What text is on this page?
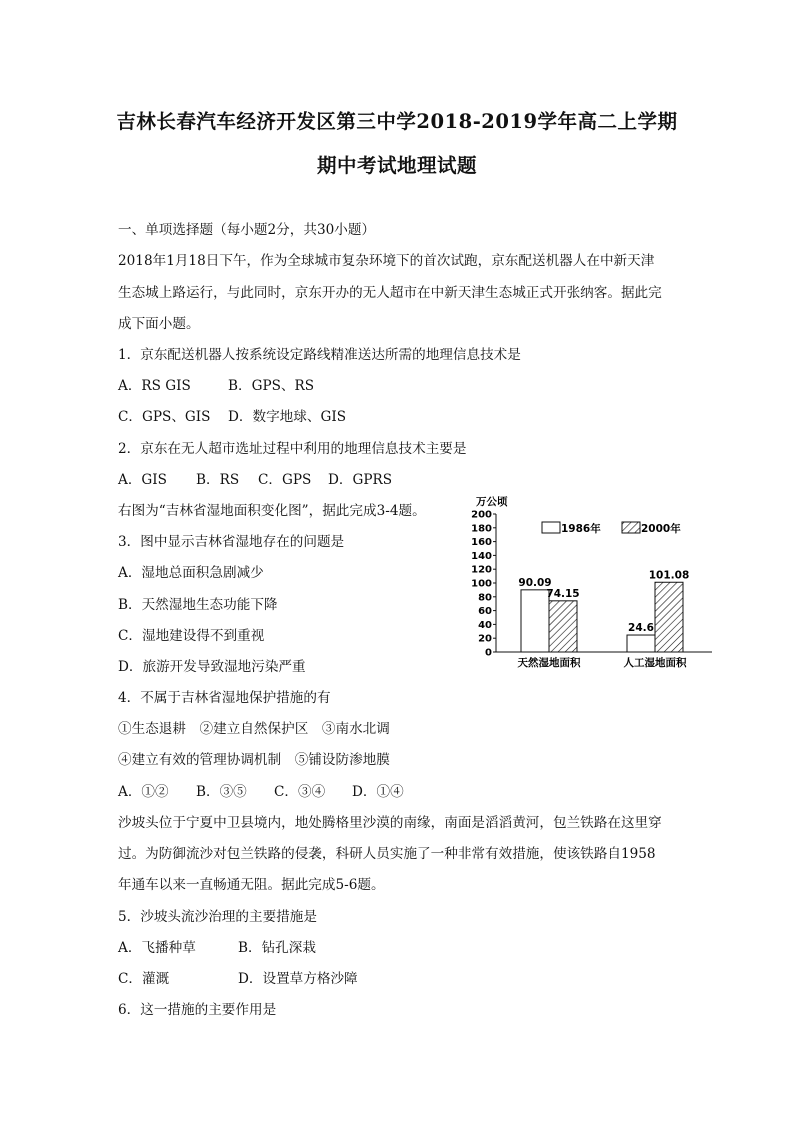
吉林长春汽车经济开发区第三中学2018-2019学年高二上学期
期中考试地理试题
一、单项选择题（每小题2分，共30小题）
2018年1月18日下午，作为全球城市复杂环境下的首次试跑，京东配送机器人在中新天津
生态城上路运行，与此同时，京东开办的无人超市在中新天津生态城正式开张纳客。据此完
成下面小题。
1．京东配送机器人按系统设定路线精准送达所需的地理信息技术是
A．RS GIS	B．GPS、RS
C．GPS、GIS D．数字地球、GIS
2．京东在无人超市选址过程中利用的地理信息技术主要是
A．GIS B．RS C．GPS D．GPRS
右图为“吉林省湿地面积变化图”，据此完成3-4题。
3．图中显示吉林省湿地存在的问题是
A．湿地总面积急剧减少
B．天然湿地生态功能下降
C．湿地建设得不到重视
D．旅游开发导致湿地污染严重
4．不属于吉林省湿地保护措施的有
①生态退耕　②建立自然保护区　③南水北调
④建立有效的管理协调机制　⑤铺设防渗地膜
A．①② B．③⑤ C．③④ D．①④
沙坡头位于宁夏中卫县境内，地处腾格里沙漠的南缘，南面是滔滔黄河，包兰铁路在这里穿
过。为防御流沙对包兰铁路的侵袭，科研人员实施了一种非常有效措施，使该铁路自1958
年通车以来一直畅通无阻。据此完成5-6题。
5．沙坡头流沙治理的主要措施是
A．飞播种草	B．钻孔深栽
C．灌溉	D．设置草方格沙障
6．这一措施的主要作用是
万公顷
0
20
40
60
80
100
120
140
160
180
200
90.09
74.15
天然湿地面积
24.6
101.08
人工湿地面积
1986年	2000年
